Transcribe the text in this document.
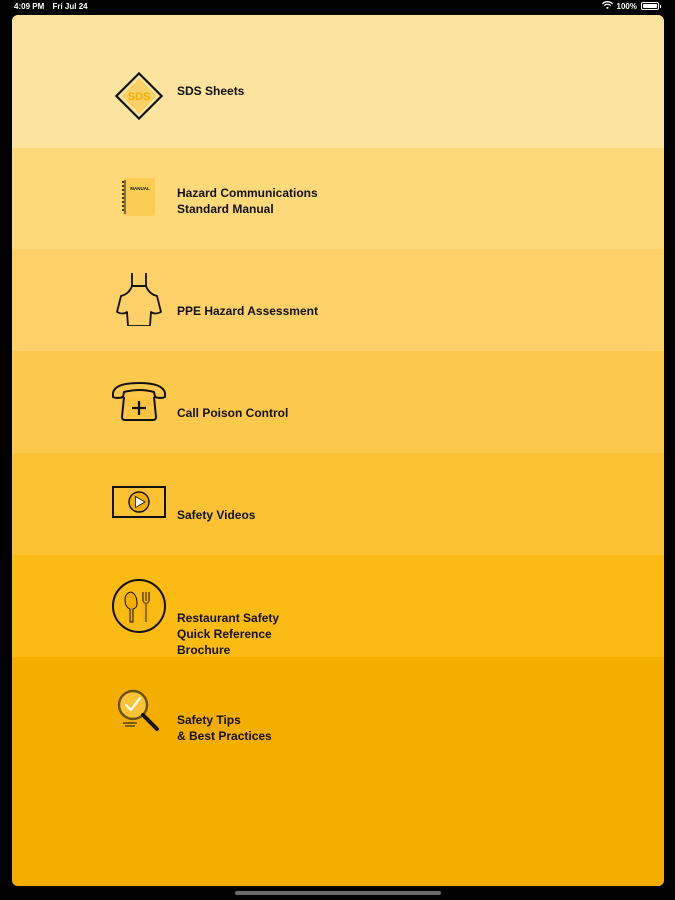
4:09 PM Fri Jul 24	100%
SDS SDS Sheets
MANUAL Hazard Communications
Standard Manual
PPE Hazard Assessment
Call Poison Control
Safety Videos
Restaurant Safety
Quick Reference
Brochure
Safety Tips
& Best Practices
